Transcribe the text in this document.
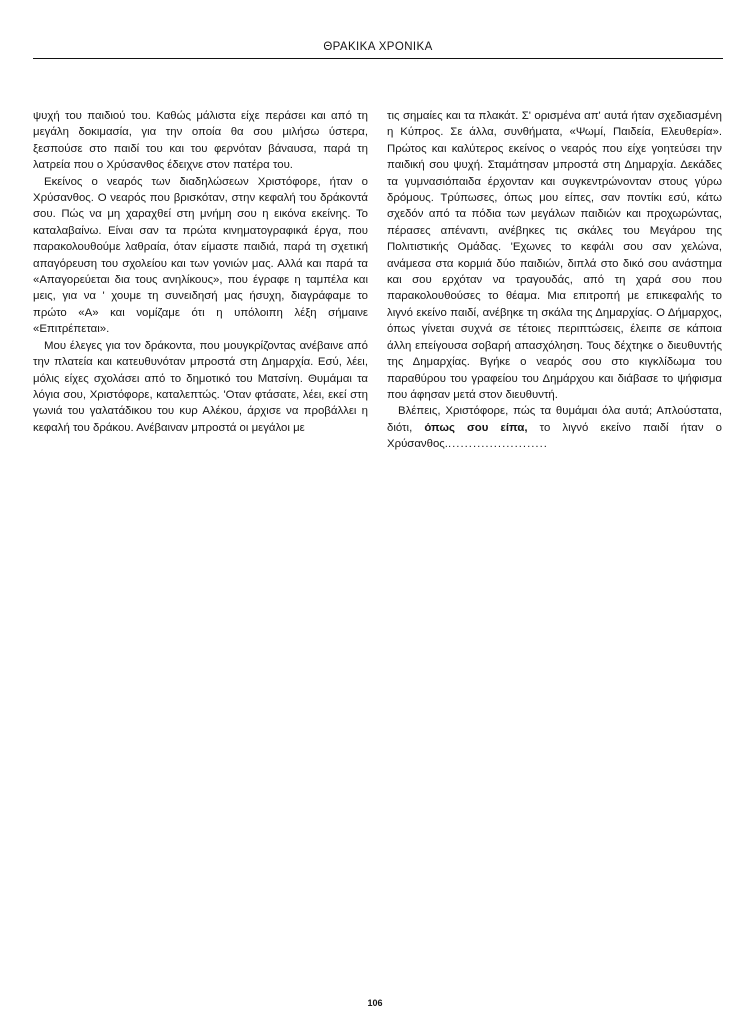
ΘΡΑΚΙΚΑ ΧΡΟΝΙΚΑ

ψυχή του παιδιού του. Καθώς μάλιστα είχε περάσει και από τη μεγάλη δοκιμασία, για την οποία θα σου μιλήσω ύστερα, ξεσπούσε στο παιδί του και του φερνόταν βάναυσα, παρά τη λατρεία που ο Χρύσανθος έδειχνε στον πατέρα του.

Εκείνος ο νεαρός των διαδηλώσεων Χριστόφορε, ήταν ο Χρύσανθος. Ο νεαρός που βρισκόταν, στην κεφαλή του δράκοντά σου. Πώς να μη χαραχθεί στη μνήμη σου η εικόνα εκείνης. Το καταλαβαίνω. Είναι σαν τα πρώτα κινηματογραφικά έργα, που παρακολουθούμε λαθραία, όταν είμαστε παιδιά, παρά τη σχετική απαγόρευση του σχολείου και των γονιών μας. Αλλά και παρά τα «Απαγορεύεται δια τους ανηλίκους», που έγραφε η ταμπέλα και μεις, για να ' χουμε τη συνειδησή μας ήσυχη, διαγράφαμε το πρώτο «Α» και νομίζαμε ότι η υπόλοιπη λέξη σήμαινε «Επιτρέπεται».

Μου έλεγες για τον δράκοντα, που μουγκρίζοντας ανέβαινε από την πλατεία και κατευθυνόταν μπροστά στη Δημαρχία. Εσύ, λέει, μόλις είχες σχολάσει από το δημοτικό του Ματσίνη. Θυμάμαι τα λόγια σου, Χριστόφορε, καταλεπτώς. 'Οταν φτάσατε, λέει, εκεί στη γωνιά του γαλατάδικου του κυρ Αλέκου, άρχισε να προβάλλει η κεφαλή του δράκου. Ανέβαιναν μπροστά οι μεγάλοι με

τις σημαίες και τα πλακάτ. Σ' ορισμένα απ' αυτά ήταν σχεδιασμένη η Κύπρος. Σε άλλα, συνθήματα, «Ψωμί, Παιδεία, Ελευθερία». Πρώτος και καλύτερος εκείνος ο νεαρός που είχε γοητεύσει την παιδική σου ψυχή. Σταμάτησαν μπροστά στη Δημαρχία. Δεκάδες τα γυμνασιόπαιδα έρχονταν και συγκεντρώνονταν στους γύρω δρόμους. Τρύπωσες, όπως μου είπες, σαν ποντίκι εσύ, κάτω σχεδόν από τα πόδια των μεγάλων παιδιών και προχωρώντας, πέρασες απέναντι, ανέβηκες τις σκάλες του Μεγάρου της Πολιτιστικής Ομάδας. 'Εχωνες το κεφάλι σου σαν χελώνα, ανάμεσα στα κορμιά δύο παιδιών, διπλά στο δικό σου ανάστημα και σου ερχόταν να τραγουδάς, από τη χαρά σου που παρακολουθούσες το θέαμα. Μια επιτροπή με επικεφαλής το λιγνό εκείνο παιδί, ανέβηκε τη σκάλα της Δημαρχίας. Ο Δήμαρχος, όπως γίνεται συχνά σε τέτοιες περιπτώσεις, έλειπε σε κάποια άλλη επείγουσα σοβαρή απασχόληση. Τους δέχτηκε ο διευθυντής της Δημαρχίας. Βγήκε ο νεαρός σου στο κιγκλίδωμα του παραθύρου του γραφείου του Δημάρχου και διάβασε το ψήφισμα που άφησαν μετά στον διευθυντή.

Βλέπεις, Χριστόφορε, πώς τα θυμάμαι όλα αυτά; Απλούστατα, διότι, όπως σου είπα, το λιγνό εκείνο παιδί ήταν ο Χρύσανθος.........................

106
